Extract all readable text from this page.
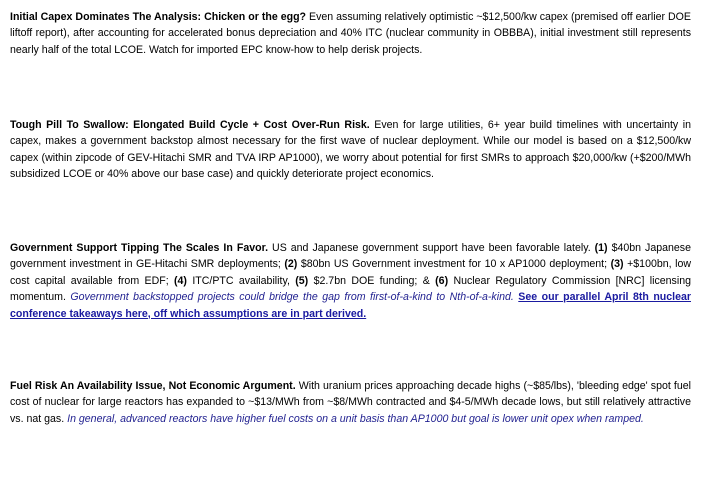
Initial Capex Dominates The Analysis: Chicken or the egg? Even assuming relatively optimistic ~$12,500/kw capex (premised off earlier DOE liftoff report), after accounting for accelerated bonus depreciation and 40% ITC (nuclear community in OBBBA), initial investment still represents nearly half of the total LCOE. Watch for imported EPC know-how to help derisk projects.

Tough Pill To Swallow: Elongated Build Cycle + Cost Over-Run Risk. Even for large utilities, 6+ year build timelines with uncertainty in capex, makes a government backstop almost necessary for the first wave of nuclear deployment. While our model is based on a $12,500/kw capex (within zipcode of GEV-Hitachi SMR and TVA IRP AP1000), we worry about potential for first SMRs to approach $20,000/kw (+$200/MWh subsidized LCOE or 40% above our base case) and quickly deteriorate project economics.

Government Support Tipping The Scales In Favor. US and Japanese government support have been favorable lately. (1) $40bn Japanese government investment in GE-Hitachi SMR deployments; (2) $80bn US Government investment for 10 x AP1000 deployment; (3) +$100bn, low cost capital available from EDF; (4) ITC/PTC availability, (5) $2.7bn DOE funding; & (6) Nuclear Regulatory Commission [NRC] licensing momentum. Government backstopped projects could bridge the gap from first-of-a-kind to Nth-of-a-kind. See our parallel April 8th nuclear conference takeaways here, off which assumptions are in part derived.

Fuel Risk An Availability Issue, Not Economic Argument. With uranium prices approaching decade highs (~$85/lbs), 'bleeding edge' spot fuel cost of nuclear for large reactors has expanded to ~$13/MWh from ~$8/MWh contracted and $4-5/MWh decade lows, but still relatively attractive vs. nat gas. In general, advanced reactors have higher fuel costs on a unit basis than AP1000 but goal is lower unit opex when ramped.
